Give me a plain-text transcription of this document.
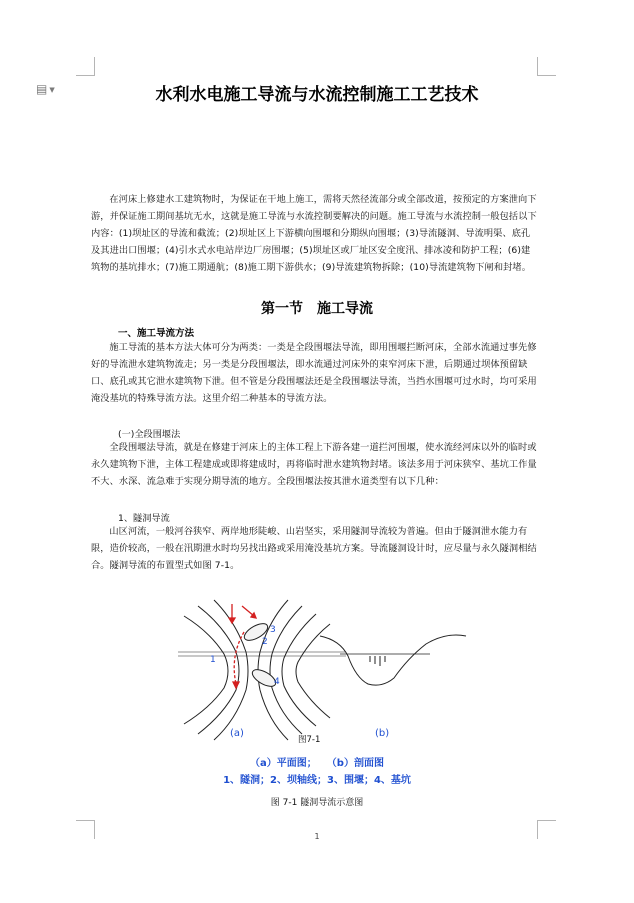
▤ ▼	水利水电施工导流与水流控制施工工艺技术
在河床上修建水工建筑物时，为保证在干地上施工，需将天然径流部分或全部改道，按预定的方案泄向下游，并保证施工期间基坑无水，这就是施工导流与水流控制要解决的问题。施工导流与水流控制一般包括以下内容：(1)坝址区的导流和截流；(2)坝址区上下游横向围堰和分期纵向围堰；(3)导流隧洞、导流明渠、底孔及其进出口围堰；(4)引水式水电站岸边厂房围堰；(5)坝址区或厂址区安全度汛、排冰凌和防护工程；(6)建筑物的基坑排水；(7)施工期通航；(8)施工期下游供水；(9)导流建筑物拆除；(10)导流建筑物下闸和封堵。
第一节　施工导流
一、施工导流方法
施工导流的基本方法大体可分为两类：一类是全段围堰法导流，即用围堰拦断河床，全部水流通过事先修好的导流泄水建筑物流走；另一类是分段围堰法，即水流通过河床外的束窄河床下泄，后期通过坝体预留缺口、底孔或其它泄水建筑物下泄。但不管是分段围堰法还是全段围堰法导流，当挡水围堰可过水时，均可采用淹没基坑的特殊导流方法。这里介绍二种基本的导流方法。
(一)全段围堰法
全段围堰法导流，就是在修建于河床上的主体工程上下游各建一道拦河围堰，使水流经河床以外的临时或永久建筑物下泄，主体工程建成或即将建成时，再将临时泄水建筑物封堵。该法多用于河床狭窄、基坑工作量不大、水深、流急难于实现分期导流的地方。全段围堰法按其泄水道类型有以下几种：
1、隧洞导流
山区河流，一般河谷狭窄、两岸地形陡峻、山岩坚实，采用隧洞导流较为普遍。但由于隧洞泄水能力有限，造价较高，一般在汛期泄水时均另找出路或采用淹没基坑方案。导流隧洞设计时，应尽量与永久隧洞相结合。隧洞导流的布置型式如图 7-1。
1
2
3
4
(a)
图7-1
(b)
（a）平面图；　　（b）剖面图
1、隧洞；2、坝轴线；3、围堰；4、基坑
图 7-1 隧洞导流示意图
1
